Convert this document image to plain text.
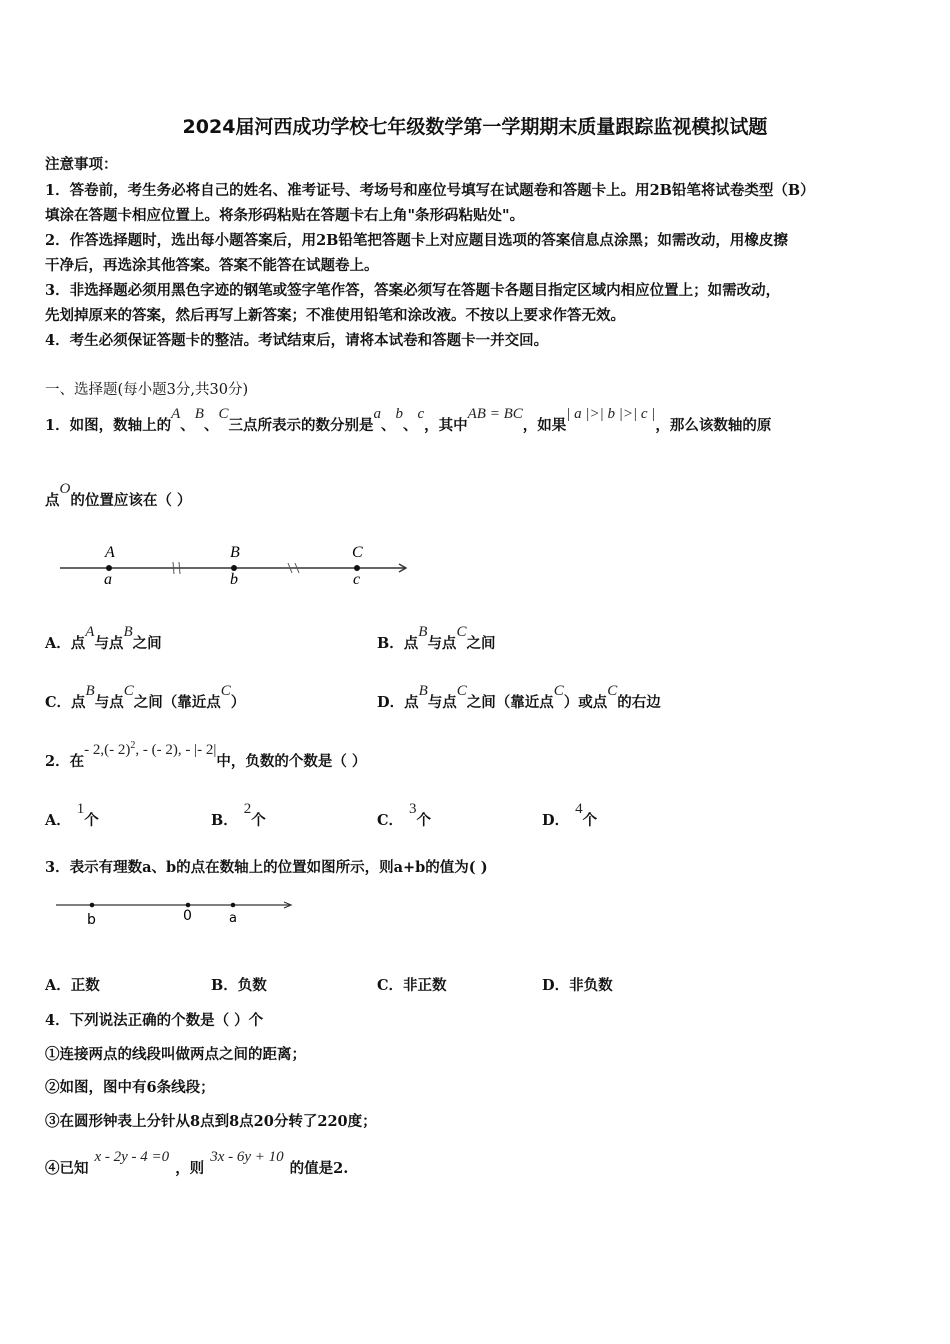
2024届河西成功学校七年级数学第一学期期末质量跟踪监视模拟试题
注意事项：
1．答卷前，考生务必将自己的姓名、准考证号、考场号和座位号填写在试题卷和答题卡上。用2B铅笔将试卷类型（B）
填涂在答题卡相应位置上。将条形码粘贴在答题卡右上角"条形码粘贴处"。
2．作答选择题时，选出每小题答案后，用2B铅笔把答题卡上对应题目选项的答案信息点涂黑；如需改动，用橡皮擦
干净后，再选涂其他答案。答案不能答在试题卷上。
3．非选择题必须用黑色字迹的钢笔或签字笔作答，答案必须写在答题卡各题目指定区域内相应位置上；如需改动，
先划掉原来的答案，然后再写上新答案；不准使用铅笔和涂改液。不按以上要求作答无效。
4．考生必须保证答题卡的整洁。考试结束后，请将本试卷和答题卡一并交回。
一、选择题(每小题3分,共30分)
1．如图，数轴上的A、B、C三点所表示的数分别是a、b、c，其中AB = BC，如果| a |>| b |>| c |，那么该数轴的原
点O的位置应该在（ ）
A	B	C
a	b	c
A．点A与点B之间	B．点B与点C之间
C．点B与点C之间（靠近点C）	D．点B与点C之间（靠近点C）或点C的右边
2．在- 2,(- 2)$^2$, - (- 2), - |- 2|中，负数的个数是（ ）
A．1个	B．2个	C．3个	D．4个
3．表示有理数a、b的点在数轴上的位置如图所示，则a+b的值为( )
b	0	a
A．正数	B．负数	C．非正数	D．非负数
4．下列说法正确的个数是（ ）个
①连接两点的线段叫做两点之间的距离；
②如图，图中有6条线段；
③在圆形钟表上分针从8点到8点20分转了220度；
④已知x - 2y - 4 =0，则3x - 6y + 10的值是2.
